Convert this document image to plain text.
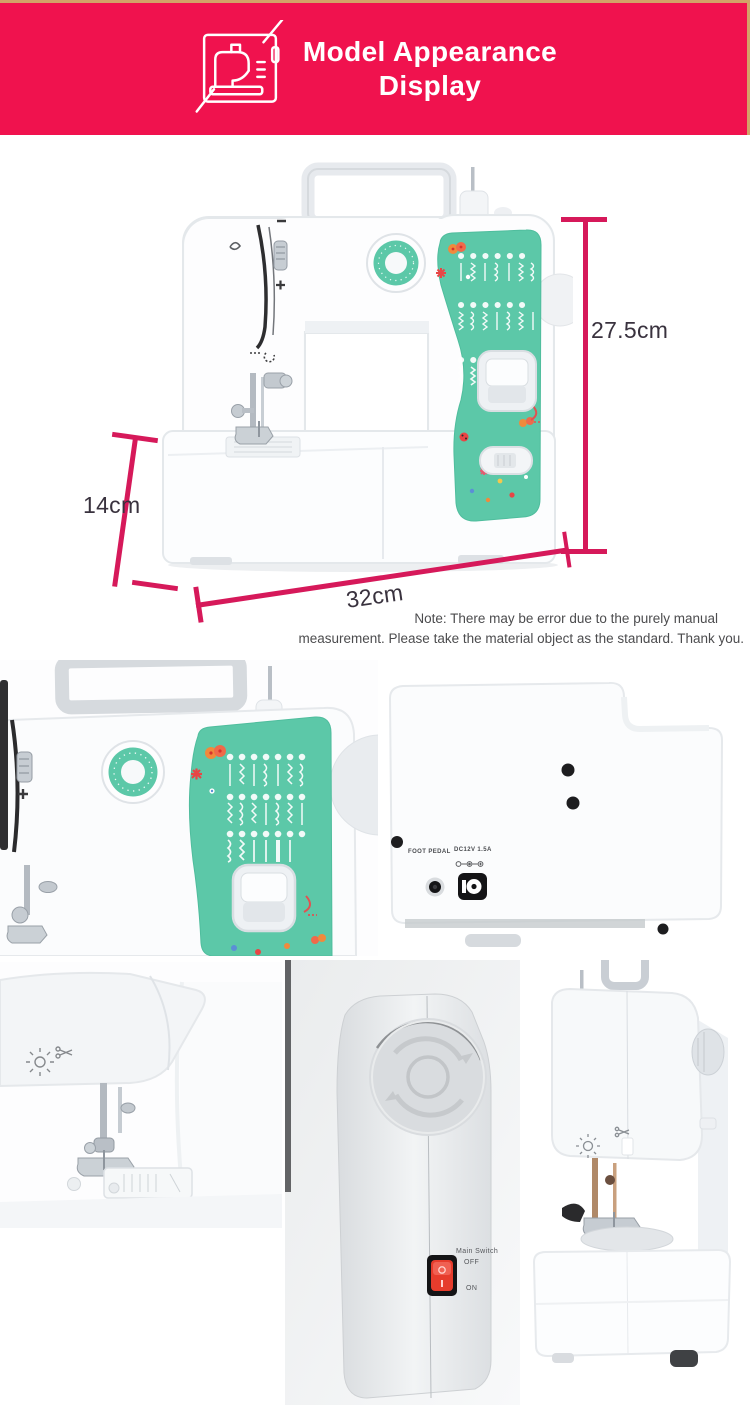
Model Appearance
Display
27.5cm
14cm
32cm
Note: There may be error due to the purely manual
measurement. Please take the material object as the standard. Thank you.
FOOT PEDAL DC12V 1.5A
Main Switch
OFF
ON
